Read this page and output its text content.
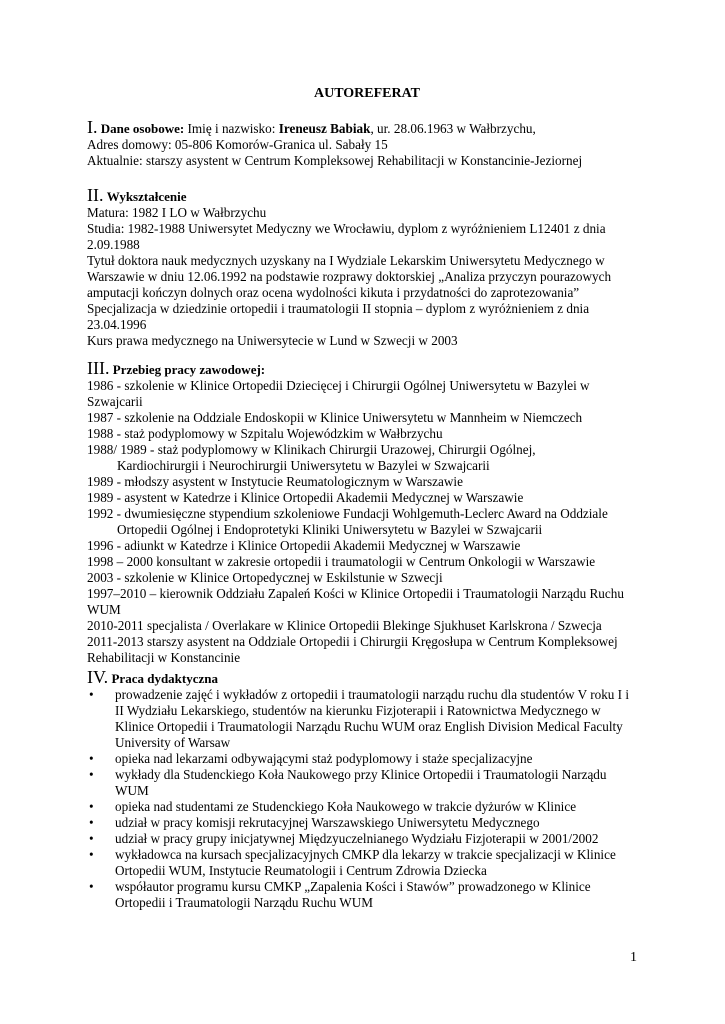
AUTOREFERAT
I. Dane osobowe: Imię i nazwisko: Ireneusz Babiak, ur. 28.06.1963 w Wałbrzychu,
Adres domowy: 05-806 Komorów-Granica ul. Sabały 15
Aktualnie: starszy asystent w Centrum Kompleksowej Rehabilitacji w Konstancinie-Jeziornej
II. Wykształcenie
Matura: 1982 I LO w Wałbrzychu
Studia: 1982-1988 Uniwersytet Medyczny we Wrocławiu, dyplom z wyróżnieniem L12401 z dnia
2.09.1988
Tytuł doktora nauk medycznych uzyskany na I Wydziale Lekarskim Uniwersytetu Medycznego w
Warszawie w dniu 12.06.1992 na podstawie rozprawy doktorskiej „Analiza przyczyn pourazowych
amputacji kończyn dolnych oraz ocena wydolności kikuta i przydatności do zaprotezowania”
Specjalizacja w dziedzinie ortopedii i traumatologii II stopnia – dyplom z wyróżnieniem z dnia
23.04.1996
Kurs prawa medycznego na Uniwersytecie w Lund w Szwecji w 2003
III. Przebieg pracy zawodowej:
1986 - szkolenie w Klinice Ortopedii Dziecięcej i Chirurgii Ogólnej Uniwersytetu w Bazylei w
Szwajcarii
1987 - szkolenie na Oddziale Endoskopii w Klinice Uniwersytetu w Mannheim w Niemczech
1988 - staż podyplomowy w Szpitalu Wojewódzkim w Wałbrzychu
1988/ 1989 - staż podyplomowy w Klinikach Chirurgii Urazowej, Chirurgii Ogólnej,
Kardiochirurgii i Neurochirurgii Uniwersytetu w Bazylei w Szwajcarii
1989 - młodszy asystent w Instytucie Reumatologicznym w Warszawie
1989 - asystent w Katedrze i Klinice Ortopedii Akademii Medycznej w Warszawie
1992 - dwumiesięczne stypendium szkoleniowe Fundacji Wohlgemuth-Leclerc Award na Oddziale
Ortopedii Ogólnej i Endoprotetyki Kliniki Uniwersytetu w Bazylei w Szwajcarii
1996 - adiunkt w Katedrze i Klinice Ortopedii Akademii Medycznej w Warszawie
1998 – 2000 konsultant w zakresie ortopedii i traumatologii w Centrum Onkologii w Warszawie
2003 - szkolenie w Klinice Ortopedycznej w Eskilstunie w Szwecji
1997–2010 – kierownik Oddziału Zapaleń Kości w Klinice Ortopedii i Traumatologii Narządu Ruchu
WUM
2010-2011 specjalista / Overlakare w Klinice Ortopedii Blekinge Sjukhuset Karlskrona / Szwecja
2011-2013 starszy asystent na Oddziale Ortopedii i Chirurgii Kręgosłupa w Centrum Kompleksowej
Rehabilitacji w Konstancinie
IV. Praca dydaktyczna
• prowadzenie zajęć i wykładów z ortopedii i traumatologii narządu ruchu dla studentów V roku I i
II Wydziału Lekarskiego, studentów na kierunku Fizjoterapii i Ratownictwa Medycznego w
Klinice Ortopedii i Traumatologii Narządu Ruchu WUM oraz English Division Medical Faculty
University of Warsaw
• opieka nad lekarzami odbywającymi staż podyplomowy i staże specjalizacyjne
• wykłady dla Studenckiego Koła Naukowego przy Klinice Ortopedii i Traumatologii Narządu
WUM
• opieka nad studentami ze Studenckiego Koła Naukowego w trakcie dyżurów w Klinice
• udział w pracy komisji rekrutacyjnej Warszawskiego Uniwersytetu Medycznego
• udział w pracy grupy inicjatywnej Międzyuczelnianego Wydziału Fizjoterapii w 2001/2002
• wykładowca na kursach specjalizacyjnych CMKP dla lekarzy w trakcie specjalizacji w Klinice
Ortopedii WUM, Instytucie Reumatologii i Centrum Zdrowia Dziecka
• współautor programu kursu CMKP „Zapalenia Kości i Stawów” prowadzonego w Klinice
Ortopedii i Traumatologii Narządu Ruchu WUM
1
